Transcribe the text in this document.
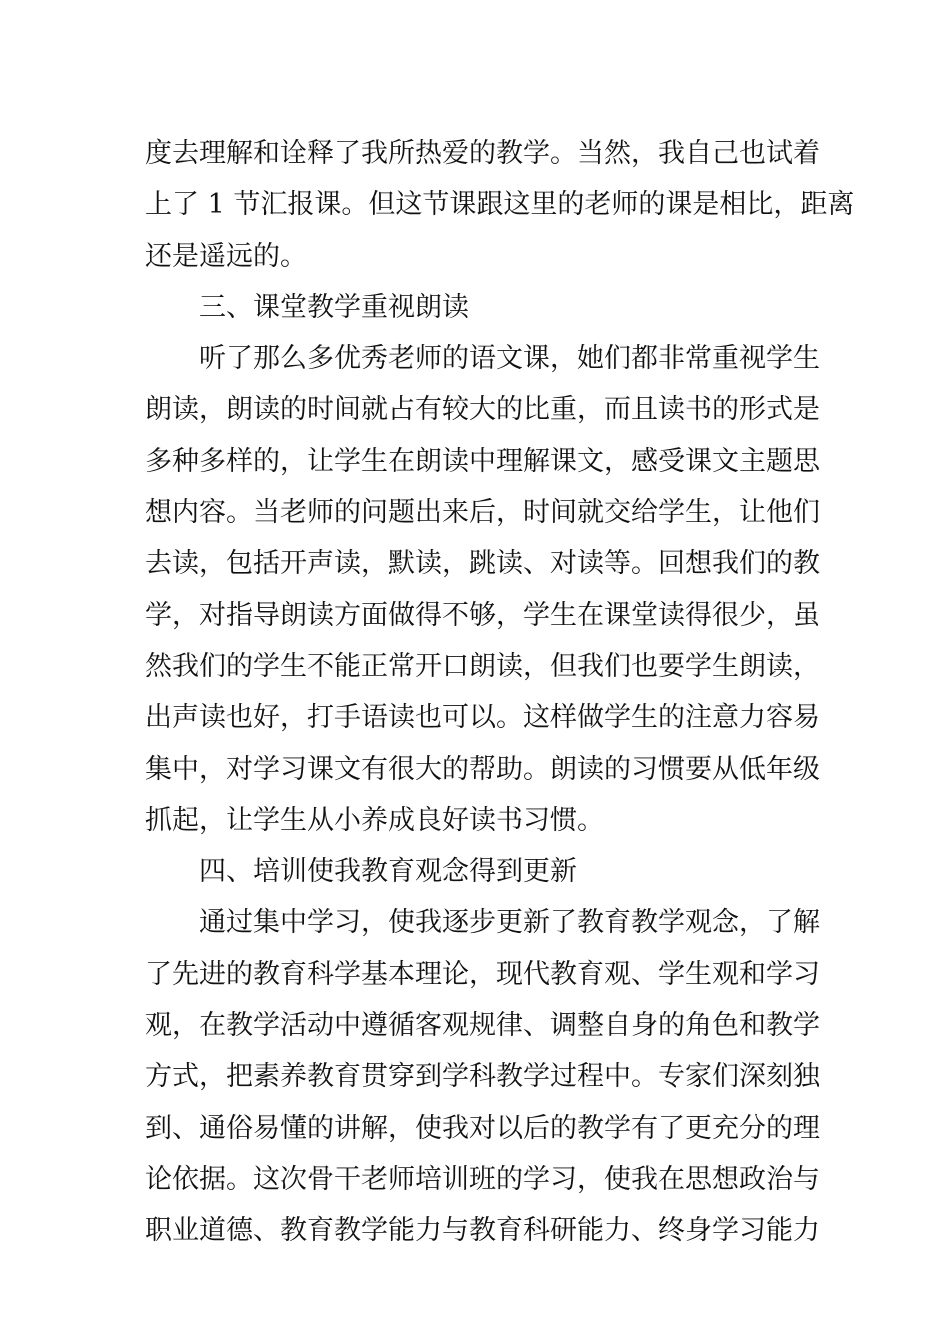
度去理解和诠释了我所热爱的教学。当然，我自己也试着
上了 1 节汇报课。但这节课跟这里的老师的课是相比，距离
还是遥远的。
三、课堂教学重视朗读
听了那么多优秀老师的语文课，她们都非常重视学生
朗读，朗读的时间就占有较大的比重，而且读书的形式是
多种多样的，让学生在朗读中理解课文，感受课文主题思
想内容。当老师的问题出来后，时间就交给学生，让他们
去读，包括开声读，默读，跳读、对读等。回想我们的教
学，对指导朗读方面做得不够，学生在课堂读得很少，虽
然我们的学生不能正常开口朗读，但我们也要学生朗读，
出声读也好，打手语读也可以。这样做学生的注意力容易
集中，对学习课文有很大的帮助。朗读的习惯要从低年级
抓起，让学生从小养成良好读书习惯。
四、培训使我教育观念得到更新
通过集中学习，使我逐步更新了教育教学观念，了解
了先进的教育科学基本理论，现代教育观、学生观和学习
观，在教学活动中遵循客观规律、调整自身的角色和教学
方式，把素养教育贯穿到学科教学过程中。专家们深刻独
到、通俗易懂的讲解，使我对以后的教学有了更充分的理
论依据。这次骨干老师培训班的学习，使我在思想政治与
职业道德、教育教学能力与教育科研能力、终身学习能力
